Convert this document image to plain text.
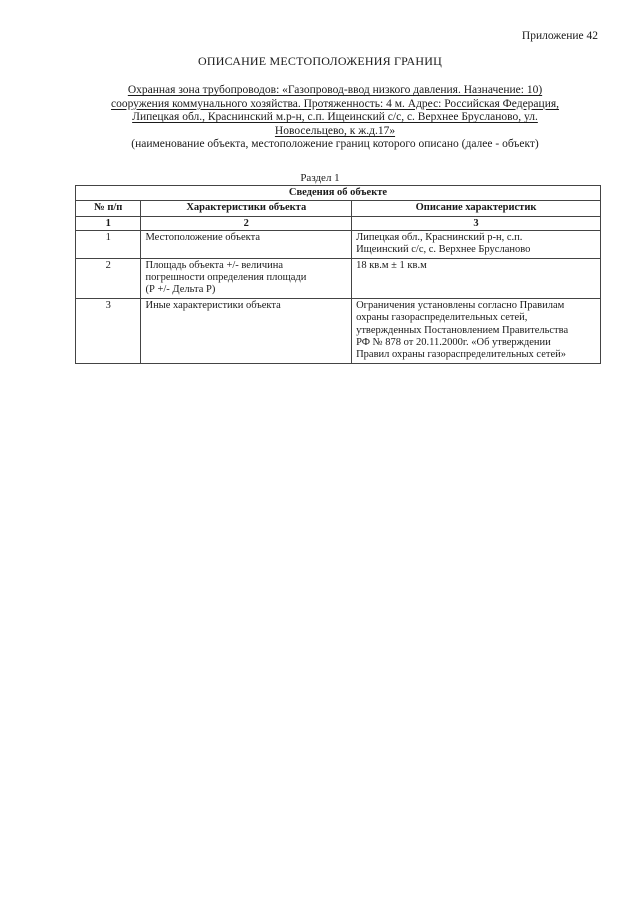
Приложение 42
ОПИСАНИЕ МЕСТОПОЛОЖЕНИЯ ГРАНИЦ
Охранная зона трубопроводов: «Газопровод-ввод низкого давления. Назначение: 10)
сооружения коммунального хозяйства. Протяженность: 4 м. Адрес: Российская Федерация,
Липецкая обл., Краснинский м.р-н, с.п. Ищеинский с/с, с. Верхнее Брусланово, ул.
Новосельцево, к ж.д.17»
(наименование объекта, местоположение границ которого описано (далее - объект)
Раздел 1
Сведения об объекте		
№ п/п	Характеристики объекта	Описание характеристик
1	2	3
1	Местоположение объекта	Липецкая обл., Краснинский р-н, с.п.
Ищеинский с/с, с. Верхнее Брусланово

2	Площадь объекта +/- величина
погрешности определения площади
(Р +/- Дельта Р)	18 кв.м ± 1 кв.м

3	Иные характеристики объекта	Ограничения установлены согласно Правилам
охраны газораспределительных сетей,
утвержденных Постановлением Правительства
РФ № 878 от 20.11.2000г. «Об утверждении
Правил охраны газораспределительных сетей»
